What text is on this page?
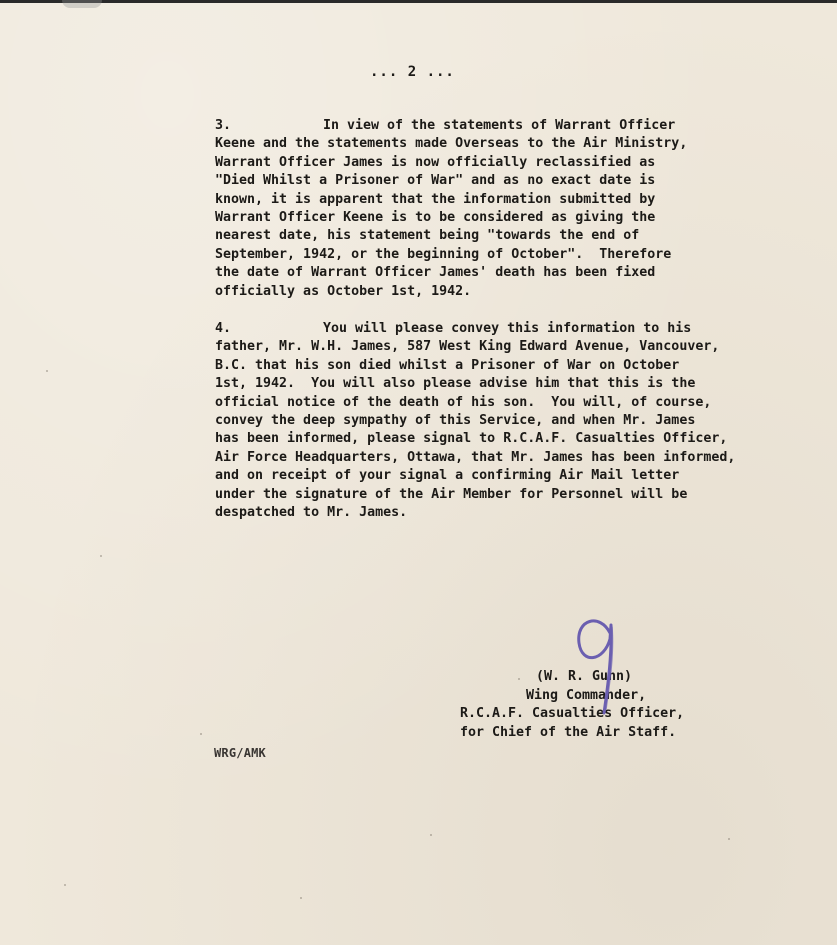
... 2 ...
3.	In view of the statements of Warrant Officer
Keene and the statements made Overseas to the Air Ministry,
Warrant Officer James is now officially reclassified as
"Died Whilst a Prisoner of War" and as no exact date is
known, it is apparent that the information submitted by
Warrant Officer Keene is to be considered as giving the
nearest date, his statement being "towards the end of
September, 1942, or the beginning of October".  Therefore
the date of Warrant Officer James' death has been fixed
officially as October 1st, 1942.
4.	You will please convey this information to his
father, Mr. W.H. James, 587 West King Edward Avenue, Vancouver,
B.C. that his son died whilst a Prisoner of War on October
1st, 1942.  You will also please advise him that this is the
official notice of the death of his son.  You will, of course,
convey the deep sympathy of this Service, and when Mr. James
has been informed, please signal to R.C.A.F. Casualties Officer,
Air Force Headquarters, Ottawa, that Mr. James has been informed,
and on receipt of your signal a confirming Air Mail letter
under the signature of the Air Member for Personnel will be
despatched to Mr. James.
(W. R. Gunn)
Wing Commander,
R.C.A.F. Casualties Officer,
for Chief of the Air Staff.
WRG/AMK
